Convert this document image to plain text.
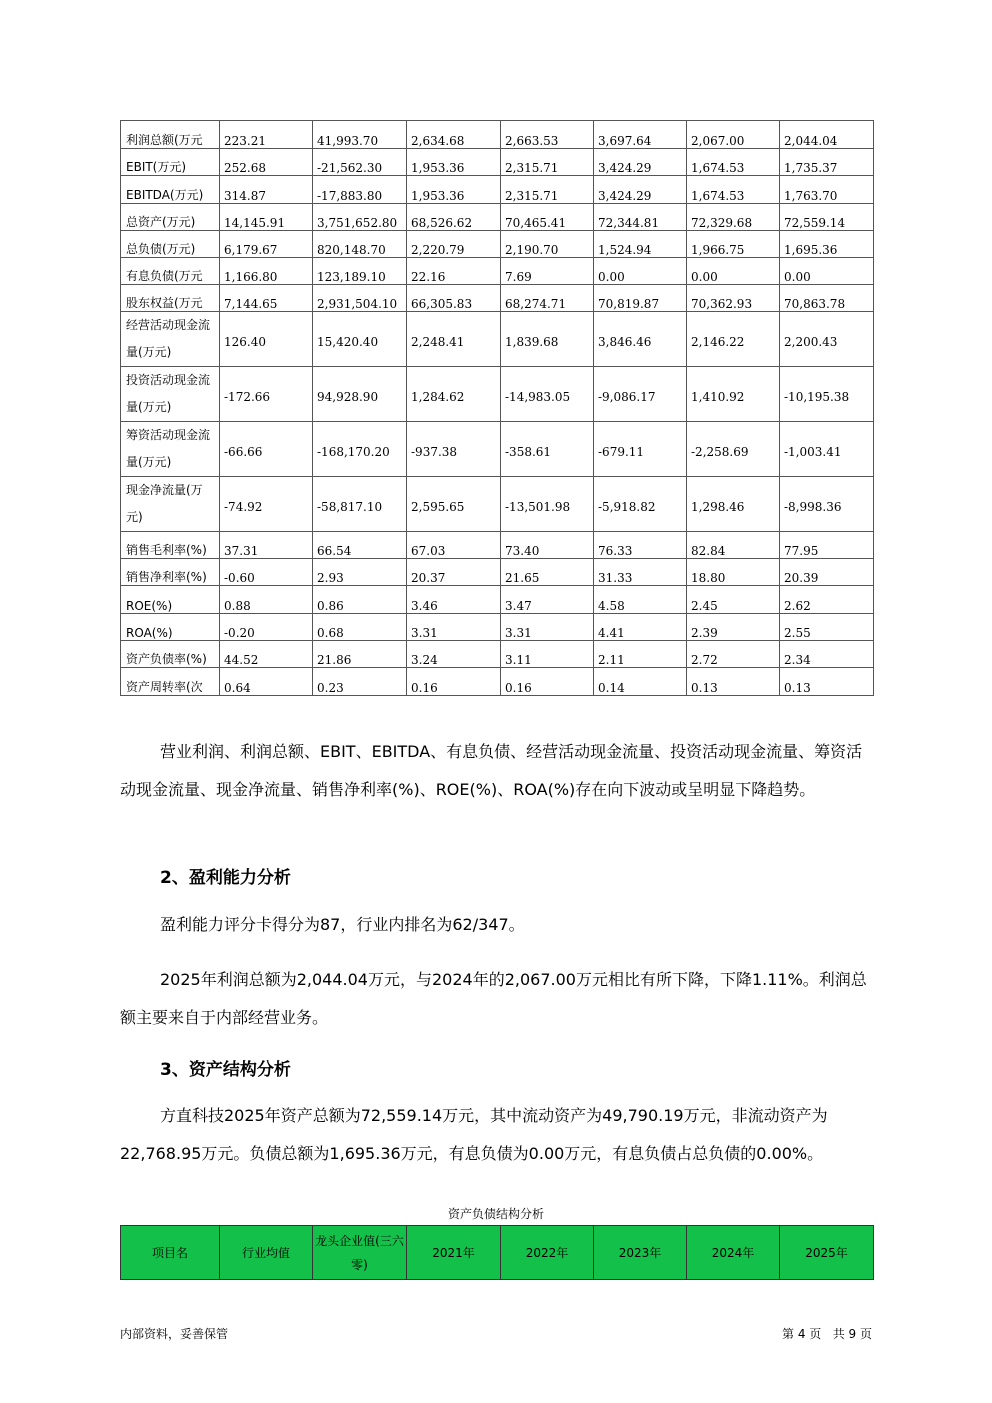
利润总额(万元	223.21	41,993.70	2,634.68	2,663.53	3,697.64	2,067.00	2,044.04
EBIT(万元)	252.68	-21,562.30	1,953.36	2,315.71	3,424.29	1,674.53	1,735.37
EBITDA(万元)	314.87	-17,883.80	1,953.36	2,315.71	3,424.29	1,674.53	1,763.70
总资产(万元)	14,145.91	3,751,652.80	68,526.62	70,465.41	72,344.81	72,329.68	72,559.14
总负债(万元)	6,179.67	820,148.70	2,220.79	2,190.70	1,524.94	1,966.75	1,695.36
有息负债(万元	1,166.80	123,189.10	22.16	7.69	0.00	0.00	0.00
股东权益(万元	7,144.65	2,931,504.10	66,305.83	68,274.71	70,819.87	70,362.93	70,863.78
经营活动现金流量(万元)	126.40	15,420.40	2,248.41	1,839.68	3,846.46	2,146.22	2,200.43
投资活动现金流量(万元)	-172.66	94,928.90	1,284.62	-14,983.05	-9,086.17	1,410.92	-10,195.38
筹资活动现金流量(万元)	-66.66	-168,170.20	-937.38	-358.61	-679.11	-2,258.69	-1,003.41
现金净流量(万元)	-74.92	-58,817.10	2,595.65	-13,501.98	-5,918.82	1,298.46	-8,998.36
销售毛利率(%)	37.31	66.54	67.03	73.40	76.33	82.84	77.95
销售净利率(%)	-0.60	2.93	20.37	21.65	31.33	18.80	20.39
ROE(%)	0.88	0.86	3.46	3.47	4.58	2.45	2.62
ROA(%)	-0.20	0.68	3.31	3.31	4.41	2.39	2.55
资产负债率(%)	44.52	21.86	3.24	3.11	2.11	2.72	2.34
资产周转率(次	0.64	0.23	0.16	0.16	0.14	0.13	0.13

营业利润、利润总额、EBIT、EBITDA、有息负债、经营活动现金流量、投资活动现金流量、筹资活动现金流量、现金净流量、销售净利率(%)、ROE(%)、ROA(%)存在向下波动或呈明显下降趋势。

2、盈利能力分析

盈利能力评分卡得分为87，行业内排名为62/347。

2025年利润总额为2,044.04万元，与2024年的2,067.00万元相比有所下降，下降1.11%。利润总额主要来自于内部经营业务。

3、资产结构分析

方直科技2025年资产总额为72,559.14万元，其中流动资产为49,790.19万元，非流动资产为22,768.95万元。负债总额为1,695.36万元，有息负债为0.00万元，有息负债占总负债的0.00%。

资产负债结构分析
项目名	行业均值	龙头企业值(三六零)	2021年	2022年	2023年	2024年	2025年
内部资料，妥善保管	第 4 页   共 9 页
